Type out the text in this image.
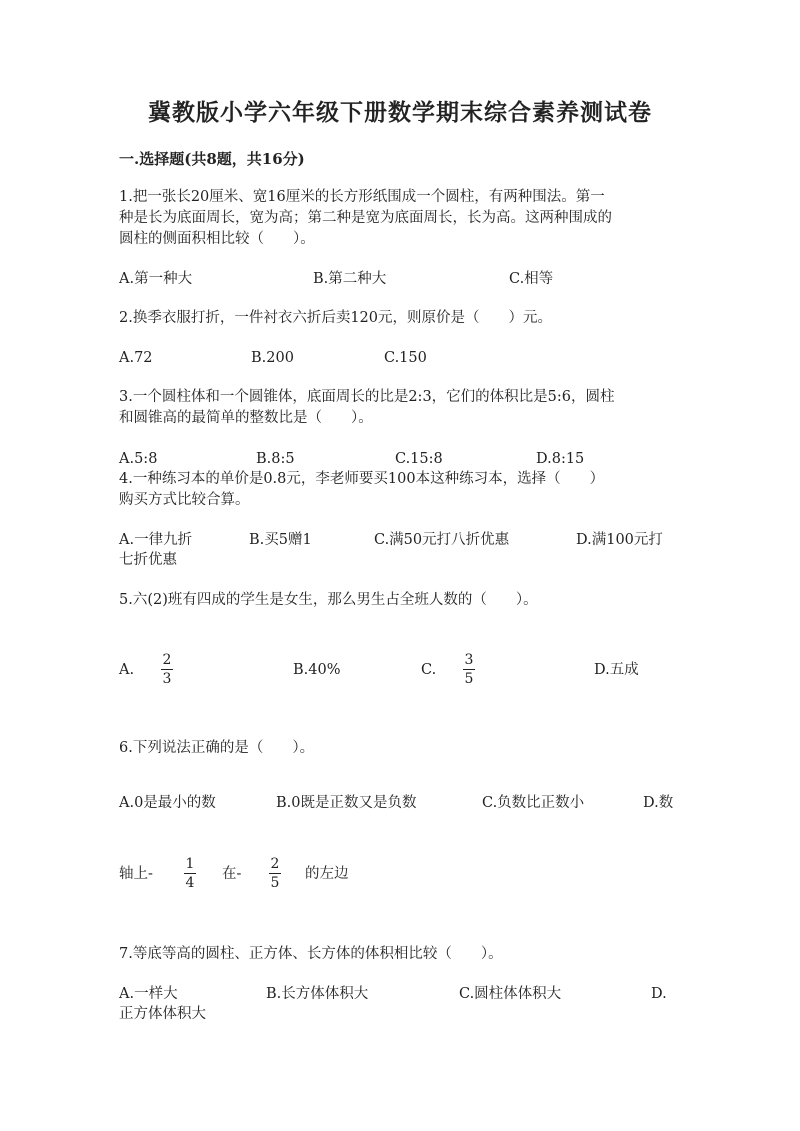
冀教版小学六年级下册数学期末综合素养测试卷
一.选择题(共8题，共16分)
1.把一张长20厘米、宽16厘米的长方形纸围成一个圆柱，有两种围法。第一
种是长为底面周长，宽为高；第二种是宽为底面周长，长为高。这两种围成的
圆柱的侧面积相比较（　　）。
A.第一种大	B.第二种大	C.相等
2.换季衣服打折，一件衬衣六折后卖120元，则原价是（　　）元。
A.72	B.200	C.150
3.一个圆柱体和一个圆锥体，底面周长的比是2:3，它们的体积比是5:6，圆柱
和圆锥高的最简单的整数比是（　　）。
A.5:8	B.8:5	C.15:8	D.8:15
4.一种练习本的单价是0.8元，李老师要买100本这种练习本，选择（　　）
购买方式比较合算。
A.一律九折	B.买5赠1	C.满50元打八折优惠	D.满100元打
七折优惠
5.六(2)班有四成的学生是女生，那么男生占全班人数的（　　）。
A.
2
3
B.40%	C.
3
5
D.五成
6.下列说法正确的是（　　）。
A.0是最小的数	B.0既是正数又是负数	C.负数比正数小	D.数
轴上-
1
4
在-
2
5
的左边
7.等底等高的圆柱、正方体、长方体的体积相比较（　　）。
A.一样大	B.长方体体积大	C.圆柱体体积大	D.
正方体体积大
